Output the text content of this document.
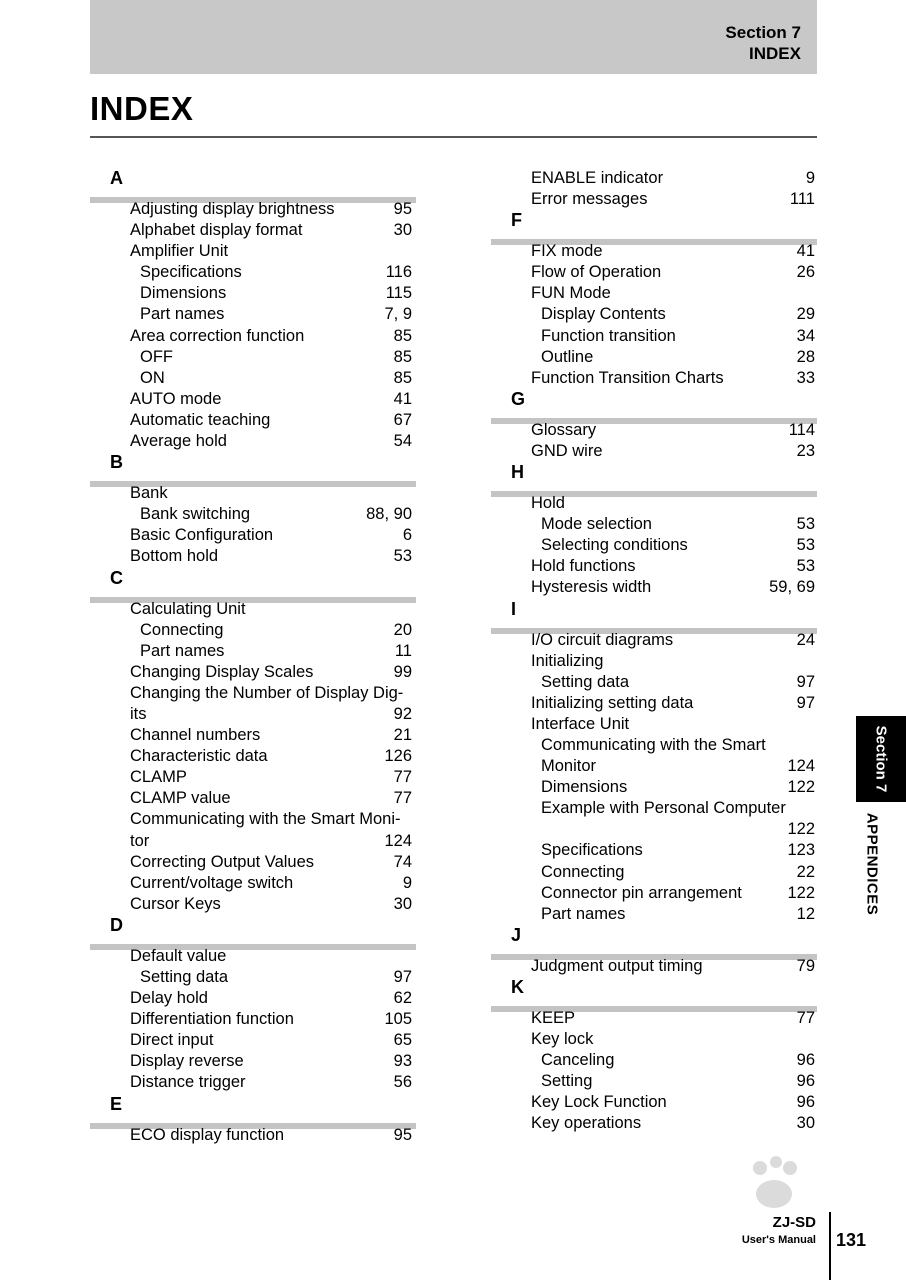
Section 7
INDEX
INDEX
A
Adjusting display brightness	95
Alphabet display format	30
Amplifier Unit
Specifications	116
Dimensions	115
Part names	7, 9
Area correction function	85
OFF	85
ON	85
AUTO mode	41
Automatic teaching	67
Average hold	54
B
Bank
Bank switching	88, 90
Basic Configuration	6
Bottom hold	53
C
Calculating Unit
Connecting	20
Part names	11
Changing Display Scales	99
Changing the Number of Display Dig-
its	92
Channel numbers	21
Characteristic data	126
CLAMP	77
CLAMP value	77
Communicating with the Smart Moni-
tor	124
Correcting Output Values	74
Current/voltage switch	9
Cursor Keys	30
D
Default value
Setting data	97
Delay hold	62
Differentiation function	105
Direct input	65
Display reverse	93
Distance trigger	56
E
ECO display function	95
ENABLE indicator	9
Error messages	111
F
FIX mode	41
Flow of Operation	26
FUN Mode
Display Contents	29
Function transition	34
Outline	28
Function Transition Charts	33
G
Glossary	114
GND wire	23
H
Hold
Mode selection	53
Selecting conditions	53
Hold functions	53
Hysteresis width	59, 69
I
I/O circuit diagrams	24
Initializing
Setting data	97
Initializing setting data	97
Interface Unit
Communicating with the Smart
Monitor	124
Dimensions	122
Example with Personal Computer
122
Specifications	123
Connecting	22
Connector pin arrangement	122
Part names	12
J
Judgment output timing	79
K
KEEP	77
Key lock
Canceling	96
Setting	96
Key Lock Function	96
Key operations	30
Section 7
APPENDICES
ZJ-SD
User's Manual 131
